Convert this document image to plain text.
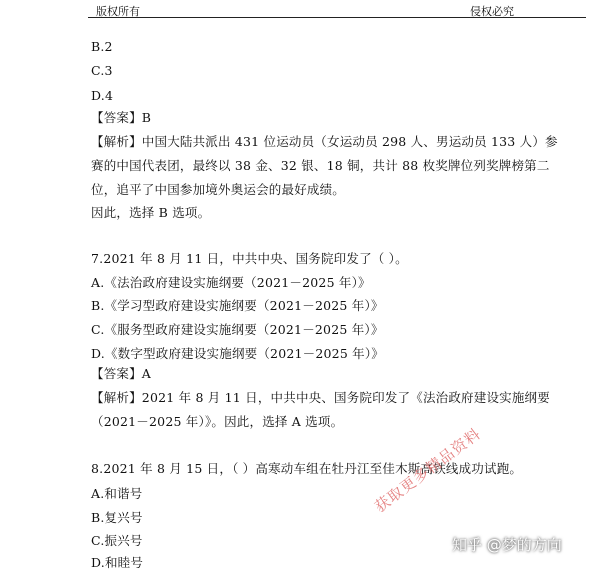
版权所有	侵权必究
B.2
C.3
D.4
【答案】B
【解析】中国大陆共派出 431 位运动员（女运动员 298 人、男运动员 133 人）参
赛的中国代表团，最终以 38 金、32 银、18 铜，共计 88 枚奖牌位列奖牌榜第二
位，追平了中国参加境外奥运会的最好成绩。
因此，选择 B 选项。
7.2021 年 8 月 11 日，中共中央、国务院印发了（ ）。
A.《法治政府建设实施纲要（2021－2025 年）》
B.《学习型政府建设实施纲要（2021－2025 年）》
C.《服务型政府建设实施纲要（2021－2025 年）》
D.《数字型政府建设实施纲要（2021－2025 年）》
【答案】A
【解析】2021 年 8 月 11 日，中共中央、国务院印发了《法治政府建设实施纲要
（2021－2025 年）》。因此，选择 A 选项。
8.2021 年 8 月 15 日，（ ）高寒动车组在牡丹江至佳木斯高铁线成功试跑。
A.和谐号
B.复兴号
C.振兴号
D.和睦号
获取更多精品资料
知乎 @梦的方向
